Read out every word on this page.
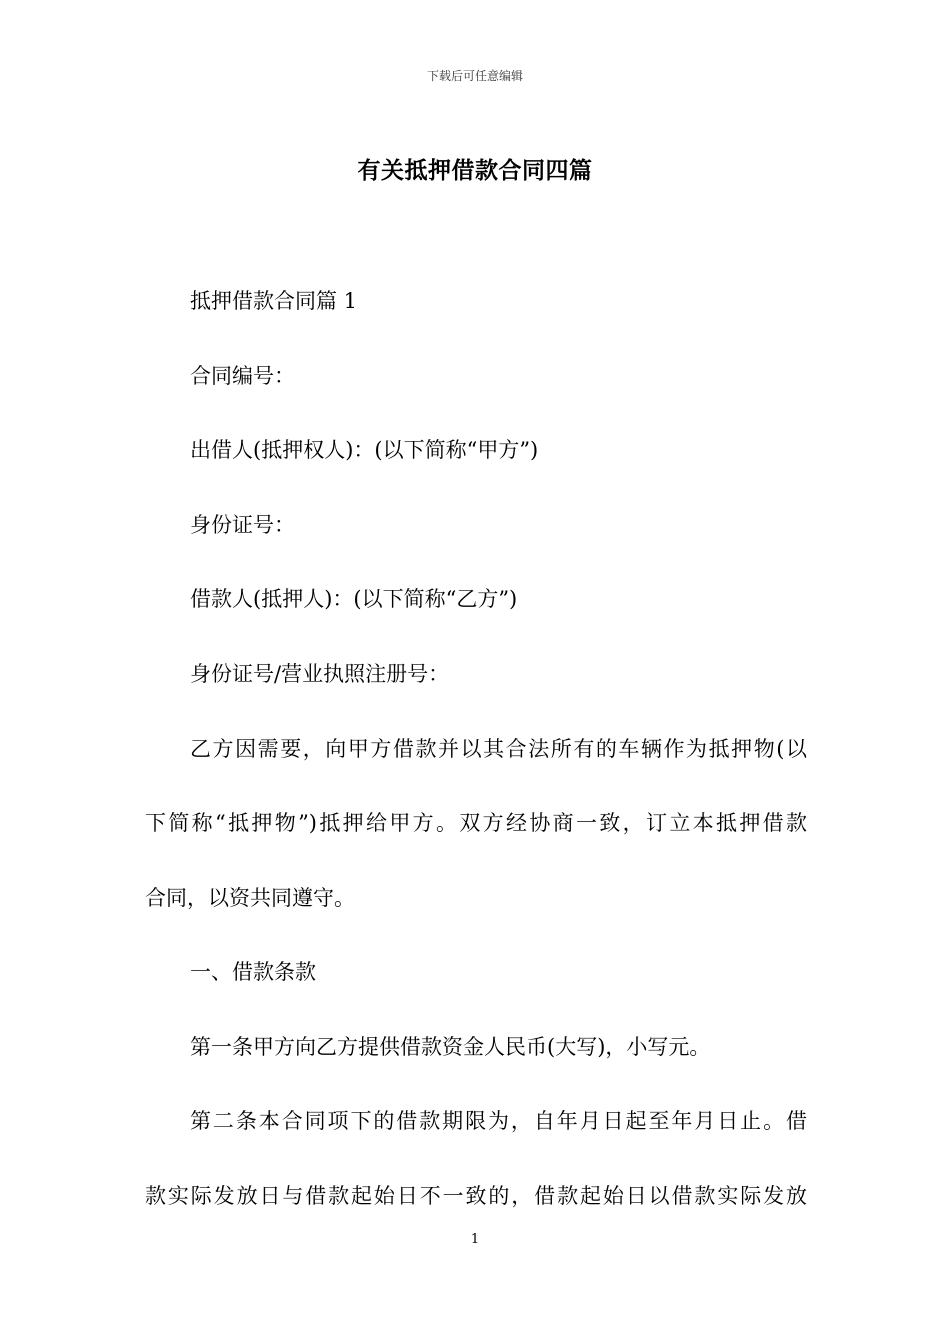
下载后可任意编辑
有关抵押借款合同四篇
抵押借款合同篇 1
合同编号：
出借人(抵押权人)：(以下简称“甲方”)
身份证号：
借款人(抵押人)：(以下简称“乙方”)
身份证号/营业执照注册号：
乙方因需要，向甲方借款并以其合法所有的车辆作为抵押物(以
下简称“抵押物”)抵押给甲方。双方经协商一致，订立本抵押借款
合同，以资共同遵守。
一、借款条款
第一条甲方向乙方提供借款资金人民币(大写)，小写元。
第二条本合同项下的借款期限为，自年月日起至年月日止。借
款实际发放日与借款起始日不一致的，借款起始日以借款实际发放
1
